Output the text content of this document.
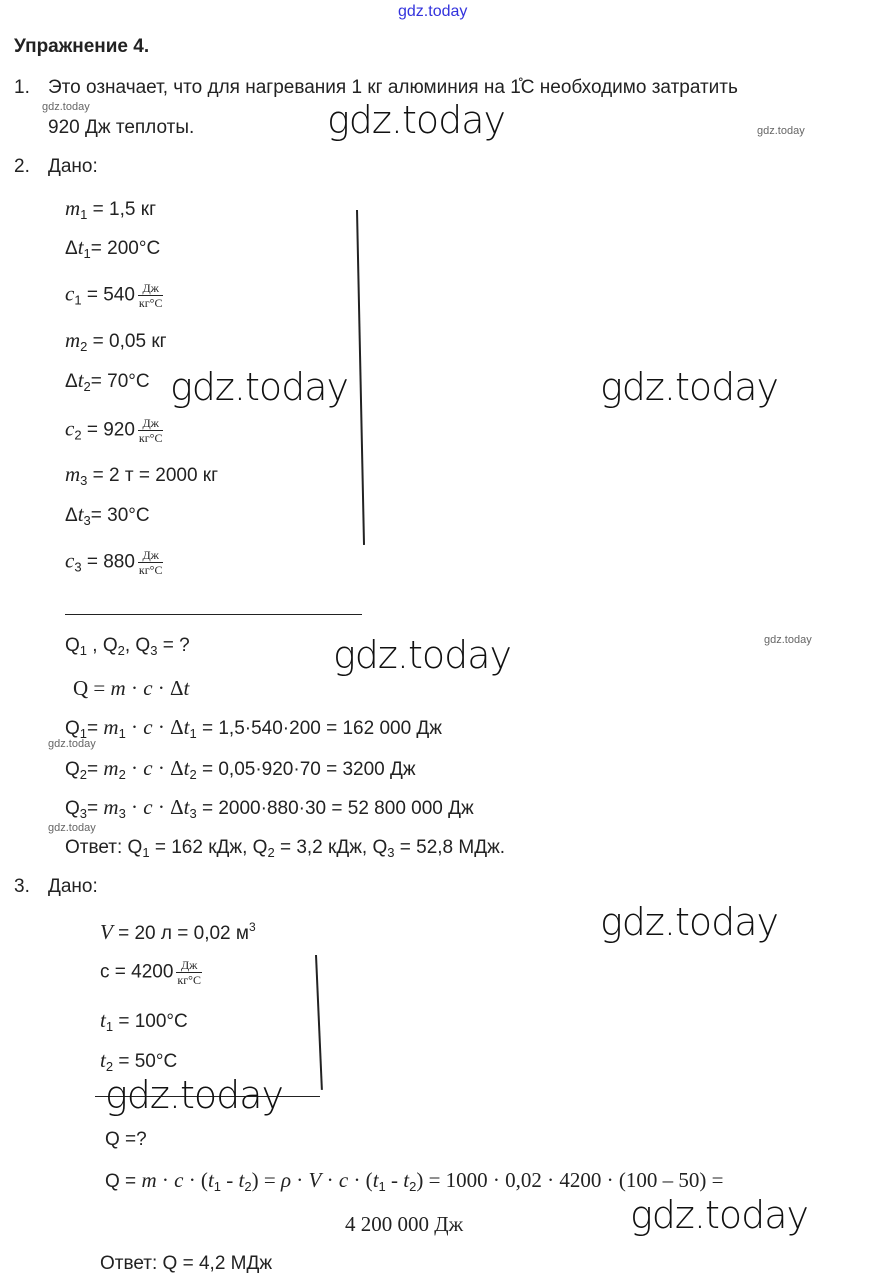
gdz.today
Упражнение 4.
1. Это означает, что для нагревания 1 кг алюминия на 1̊С необходимо затратить
920 Дж теплоты.
2. Дано:
3. Дано:
$m_1 = 1,5$ кг
$\Delta t_1= 200^\circ C$
$c_1 = 540 \frac{Дж}{кг^\circ С}$
$m_2 = 0,05$ кг
$\Delta t_2= 70^\circ C$
$c_2 = 920 \frac{Дж}{кг^\circ С}$
$m_3 = 2$ т = 2000 кг
$\Delta t_3= 30^\circ C$
$c_3 = 880 \frac{Дж}{кг^\circ С}$
$Q_1$ , $Q_2$, $Q_3$ = ?
Q = m · c · Δt
$Q_1= m_1 \cdot c \cdot \Delta t_1 = 1,5\cdot 540\cdot 200 = 162$ 000 Дж
$Q_2= m_2 \cdot c \cdot \Delta t_2 = 0,05\cdot 920\cdot 70 = 3200$ Дж
$Q_3= m_3 \cdot c \cdot \Delta t_3 = 2000\cdot 880\cdot 30 = 52$ 800 000 Дж
Ответ: $Q_1 = 162$ кДж, $Q_2 = 3,2$ кДж, $Q_3 = 52,8$ МДж.
V = 20 л = 0,02 $м^3$
$c = 4200 \frac{Дж}{кг^\circ С}$
$t_1 = 100^\circ C$
$t_2 = 50^\circ C$
Q =?
$Q = m \cdot c \cdot (t_1 - t_2) = \rho \cdot V \cdot c \cdot (t_1 - t_2) = 1000 \cdot 0,02 \cdot 4200 \cdot (100 - 50)$ =
4 200 000 Дж
Ответ: Q = 4,2 МДж
gdz.today	gdz.today	gdz.today
gdz.today	gdz.today
gdz.today	gdz.today
gdz.today
gdz.today
gdz.today
gdz.today
gdz.today
